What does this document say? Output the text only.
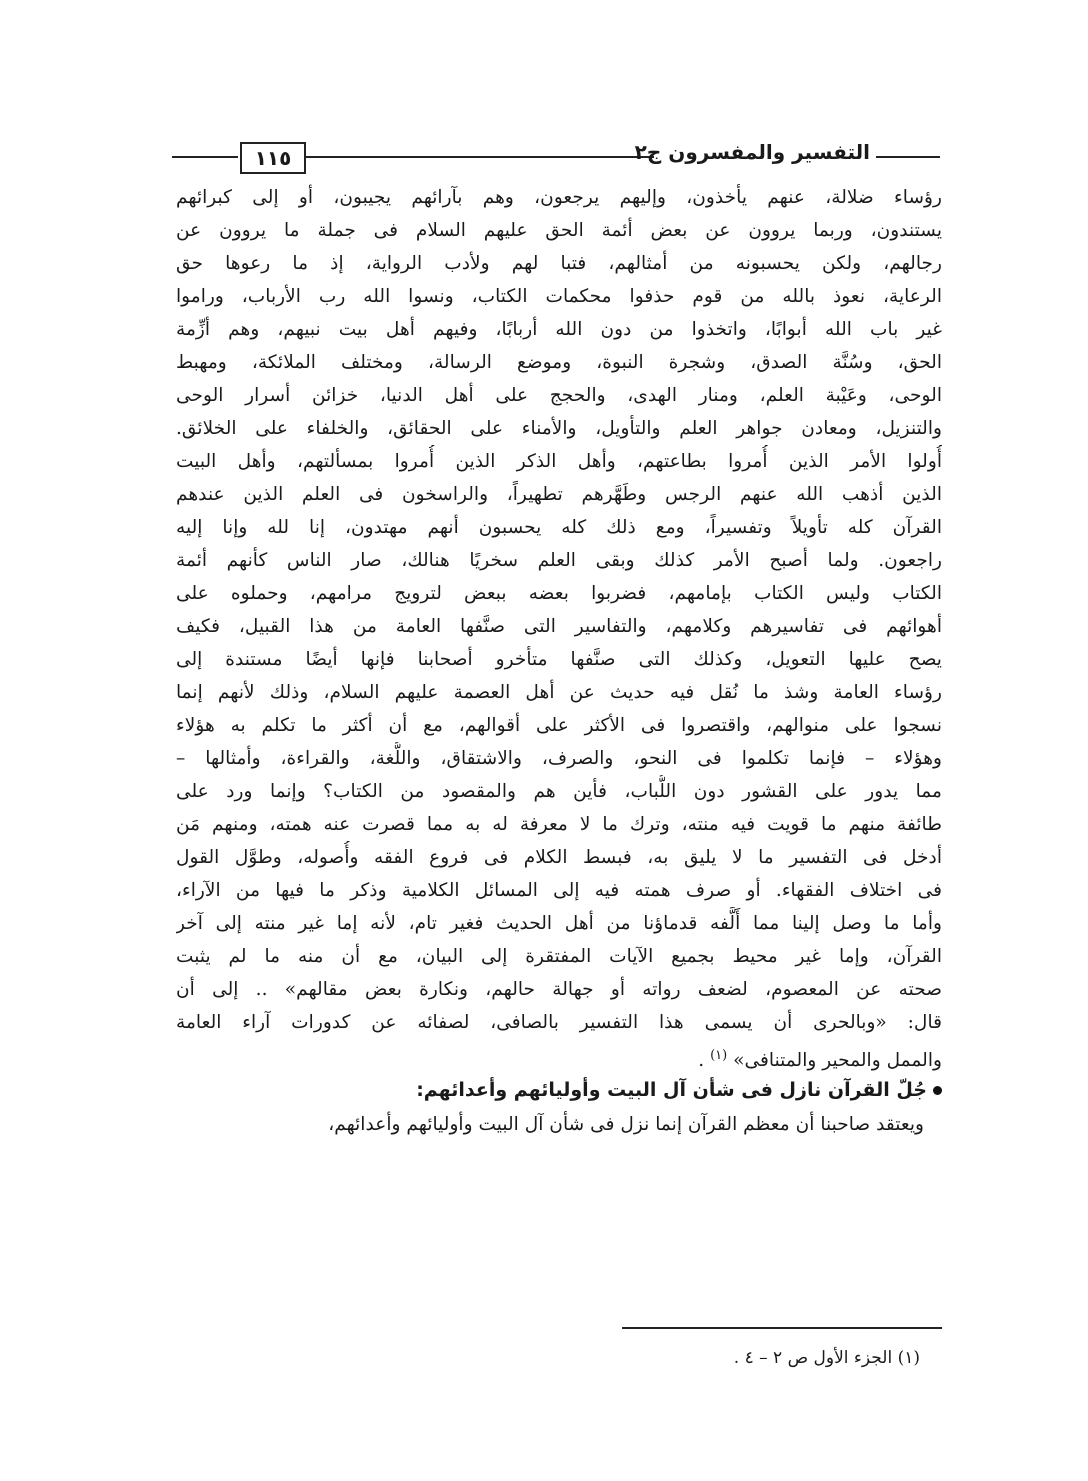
١١٥	التفسير والمفسرون ج٢
رؤساء ضلالة، عنهم يأخذون، وإليهم يرجعون، وهم بآرائهم يجيبون، أو إلى كبرائهم
يستندون، وربما يروون عن بعض أئمة الحق عليهم السلام فى جملة ما يروون عن
رجالهم، ولكن يحسبونه من أمثالهم، فتبا لهم ولأدب الرواية، إذ ما رعوها حق
الرعاية، نعوذ بالله من قوم حذفوا محكمات الكتاب، ونسوا الله رب الأرباب، وراموا
غير باب الله أبوابًا، واتخذوا من دون الله أربابًا، وفيهم أهل بيت نبيهم، وهم أزِّمة
الحق، وسُنَّة الصدق، وشجرة النبوة، وموضع الرسالة، ومختلف الملائكة، ومهبط
الوحى، وعَيْبة العلم، ومنار الهدى، والحجج على أهل الدنيا، خزائن أسرار الوحى
والتنزيل، ومعادن جواهر العلم والتأويل، والأمناء على الحقائق، والخلفاء على الخلائق.
أُولوا الأمر الذين أُمروا بطاعتهم، وأهل الذكر الذين أُمروا بمسألتهم، وأهل البيت
الذين أذهب الله عنهم الرجس وطَهَّرهم تطهيراً، والراسخون فى العلم الذين عندهم
القرآن كله تأويلاً وتفسيراً، ومع ذلك كله يحسبون أنهم مهتدون، إنا لله وإنا إليه
راجعون. ولما أصبح الأمر كذلك وبقى العلم سخريًا هنالك، صار الناس كأنهم أئمة
الكتاب وليس الكتاب بإمامهم، فضربوا بعضه ببعض لترويج مرامهم، وحملوه على
أهوائهم فى تفاسيرهم وكلامهم، والتفاسير التى صنَّفها العامة من هذا القبيل، فكيف
يصح عليها التعويل، وكذلك التى صنَّفها متأخرو أصحابنا فإنها أيضًا مستندة إلى
رؤساء العامة وشذ ما نُقل فيه حديث عن أهل العصمة عليهم السلام، وذلك لأنهم إنما
نسجوا على منوالهم، واقتصروا فى الأكثر على أقوالهم، مع أن أكثر ما تكلم به هؤلاء
وهؤلاء – فإنما تكلموا فى النحو، والصرف، والاشتقاق، واللُّغة، والقراءة، وأمثالها –
مما يدور على القشور دون اللُّباب، فأين هم والمقصود من الكتاب؟ وإنما ورد على
طائفة منهم ما قويت فيه منته، وترك ما لا معرفة له به مما قصرت عنه همته، ومنهم مَن
أدخل فى التفسير ما لا يليق به، فبسط الكلام فى فروع الفقه وأُصوله، وطوَّل القول
فى اختلاف الفقهاء. أو صرف همته فيه إلى المسائل الكلامية وذكر ما فيها من الآراء،
وأما ما وصل إلينا مما أَلَّفه قدماؤنا من أهل الحديث فغير تام، لأنه إما غير منته إلى آخر
القرآن، وإما غير محيط بجميع الآيات المفتقرة إلى البيان، مع أن منه ما لم يثبت
صحته عن المعصوم، لضعف رواته أو جهالة حالهم، ونكارة بعض مقالهم» .. إلى أن
قال: «وبالحرى أن يسمى هذا التفسير بالصافى، لصفائه عن كدورات آراء العامة
والممل والمحير والمتنافى» $^{(١)}$ .
جُلّ القرآن نازل فى شأن آل البيت وأوليائهم وأعدائهم:
ويعتقد صاحبنا أن معظم القرآن إنما نزل فى شأن آل البيت وأوليائهم وأعدائهم،
(١) الجزء الأول ص ٢ – ٤ .
